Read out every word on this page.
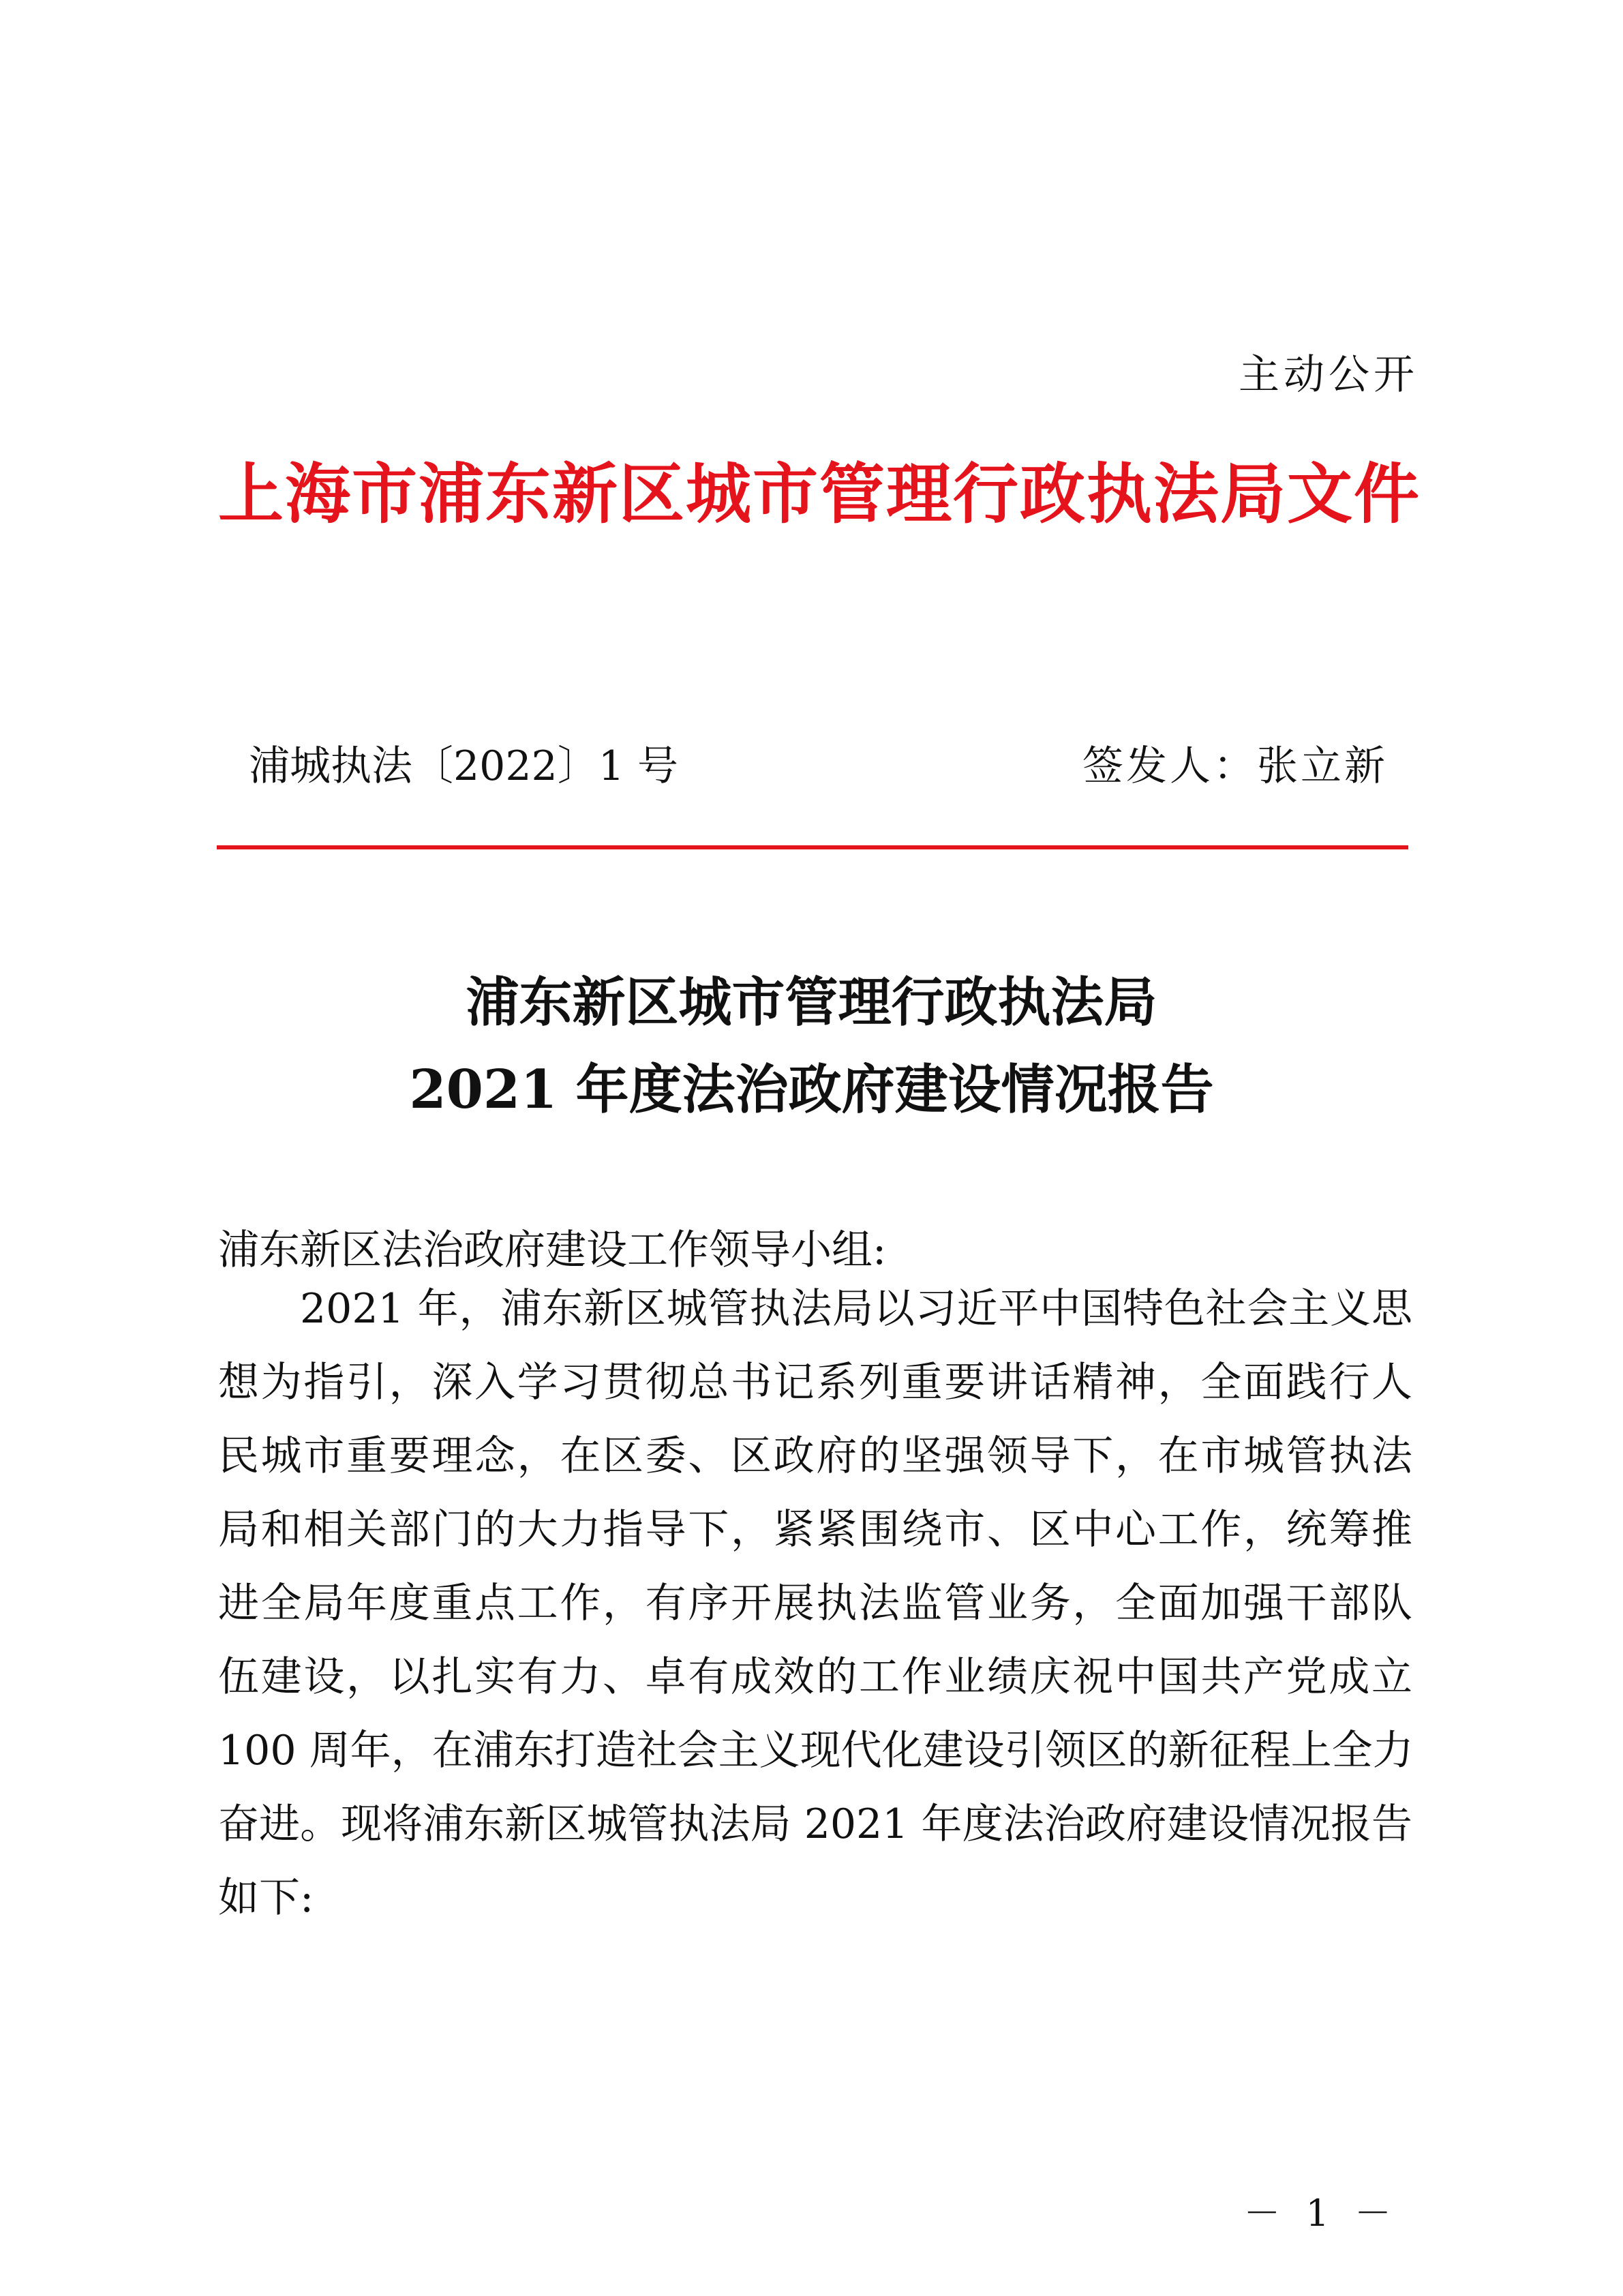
主动公开
上海市浦东新区城市管理行政执法局文件
浦城执法〔2022〕1 号	签发人：张立新
浦东新区城市管理行政执法局
2021 年度法治政府建设情况报告
浦东新区法治政府建设工作领导小组:
2021 年，浦东新区城管执法局以习近平中国特色社会主义思
想为指引，深入学习贯彻总书记系列重要讲话精神，全面践行人
民城市重要理念，在区委、区政府的坚强领导下，在市城管执法
局和相关部门的大力指导下，紧紧围绕市、区中心工作，统筹推
进全局年度重点工作，有序开展执法监管业务，全面加强干部队
伍建设，以扎实有力、卓有成效的工作业绩庆祝中国共产党成立
100 周年，在浦东打造社会主义现代化建设引领区的新征程上全力
奋进。现将浦东新区城管执法局 2021 年度法治政府建设情况报告
如下:
－ 1 －
